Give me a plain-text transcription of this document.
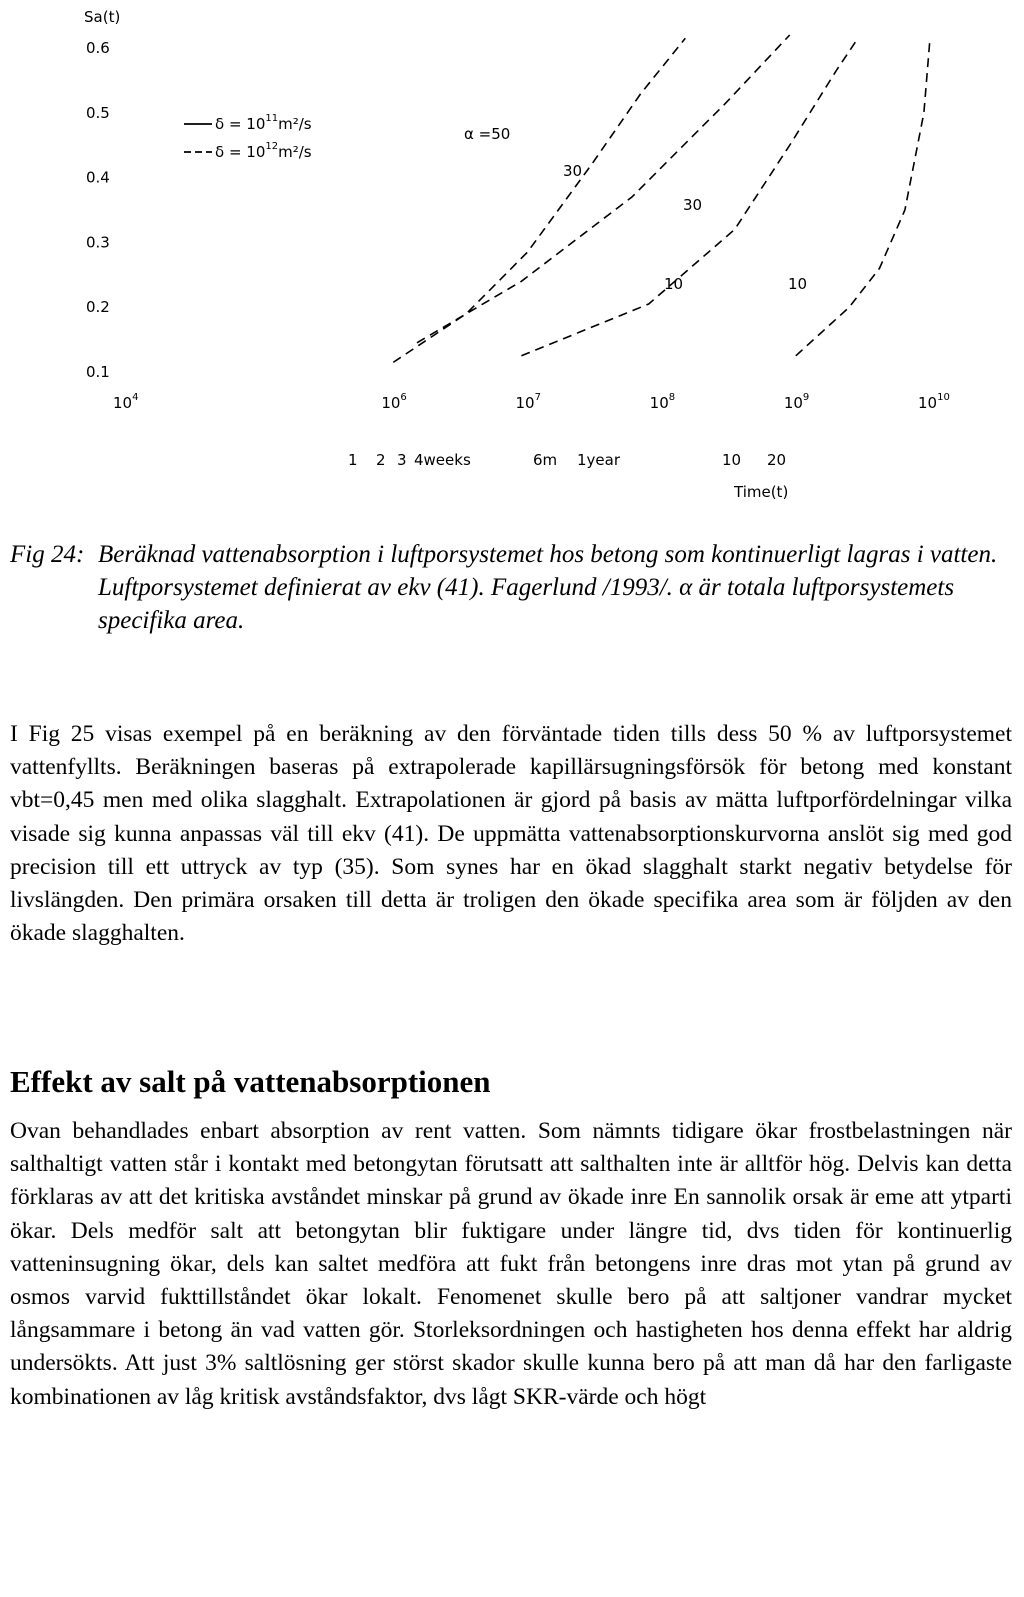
Sa(t)
0.6
0.5
0.4
0.3
0.2
0.1
$10^4$	$10^6$	$10^7$	$10^8$	$10^9$	$10^{10}$
$\delta = 10^{11}m^2/s$
$\delta = 10^{12}m^2/s$
α =50
30
30
10	10
1 2 3 4weeks	6m 1year	10 20
Time(t)
Fig 24: Beräknad vattenabsorption i luftporsystemet hos betong som kontinuerligt lagras i vatten. Luftporsystemet definierat av ekv (41). Fagerlund /1993/. α är totala luftporsystemets specifika area.

I Fig 25 visas exempel på en beräkning av den förväntade tiden tills dess 50 % av luftporsystemet vattenfyllts. Beräkningen baseras på extrapolerade kapillärsugningsförsök för betong med konstant vbt=0,45 men med olika slagghalt. Extrapolationen är gjord på basis av mätta luftporfördelningar vilka visade sig kunna anpassas väl till ekv (41). De uppmätta vattenabsorptionskurvorna anslöt sig med god precision till ett uttryck av typ (35). Som synes har en ökad slagghalt starkt negativ betydelse för livslängden. Den primära orsaken till detta är troligen den ökade specifika area som är följden av den ökade slagghalten.

Effekt av salt på vattenabsorptionen

Ovan behandlades enbart absorption av rent vatten. Som nämnts tidigare ökar frostbelastningen när salthaltigt vatten står i kontakt med betongytan förutsatt att salthalten inte är alltför hög. Delvis kan detta förklaras av att det kritiska avståndet minskar på grund av ökade inre En sannolik orsak är eme att ytparti ökar. Dels medför salt att betongytan blir fuktigare under längre tid, dvs tiden för kontinuerlig vatteninsugning ökar, dels kan saltet medföra att fukt från betongens inre dras mot ytan på grund av osmos varvid fukttillståndet ökar lokalt. Fenomenet skulle bero på att saltjoner vandrar mycket långsammare i betong än vad vatten gör. Storleksordningen och hastigheten hos denna effekt har aldrig undersökts. Att just 3% saltlösning ger störst skador skulle kunna bero på att man då har den farligaste kombinationen av låg kritisk avståndsfaktor, dvs lågt SKR-värde och högt
